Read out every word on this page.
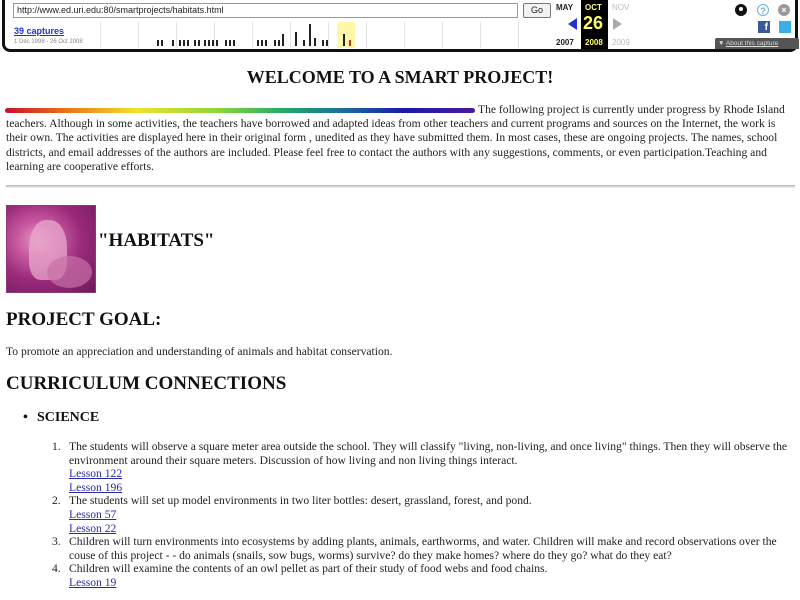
http://www.ed.uri.edu:80/smartprojects/habitats.html	Go
39 captures
1 Dec 1998 - 26 Oct 2008
MAY OCT NOV
26
2007 2008 2009
?	×
f
▼ About this capture
WELCOME TO A SMART PROJECT!

The following project is currently under progress by Rhode Island teachers. Although in some activities, the teachers have borrowed and adapted ideas from other teachers and current programs and sources on the Internet, the work is their own. The activities are displayed here in their original form , unedited as they have submitted them. In most cases, these are ongoing projects. The names, school districts, and email addresses of the authors are included. Please feel free to contact the authors with any suggestions, comments, or even participation.Teaching and learning are cooperative efforts.

"HABITATS"
PROJECT GOAL:

To promote an appreciation and understanding of animals and habitat conservation.

CURRICULUM CONNECTIONS
• SCIENCE
1. The students will observe a square meter area outside the school. They will classify "living, non-living, and once living" things. Then they will observe the environment around their square meters. Discussion of how living and non living things interact.
Lesson 122
Lesson 196
2. The students will set up model environments in two liter bottles: desert, grassland, forest, and pond.
Lesson 57
Lesson 22
3. Children will turn environments into ecosystems by adding plants, animals, earthworms, and water. Children will make and record observations over the couse of this project - - do animals (snails, sow bugs, worms) survive? do they make homes? where do they go? what do they eat?
4. Children will examine the contents of an owl pellet as part of their study of food webs and food chains.
Lesson 19
